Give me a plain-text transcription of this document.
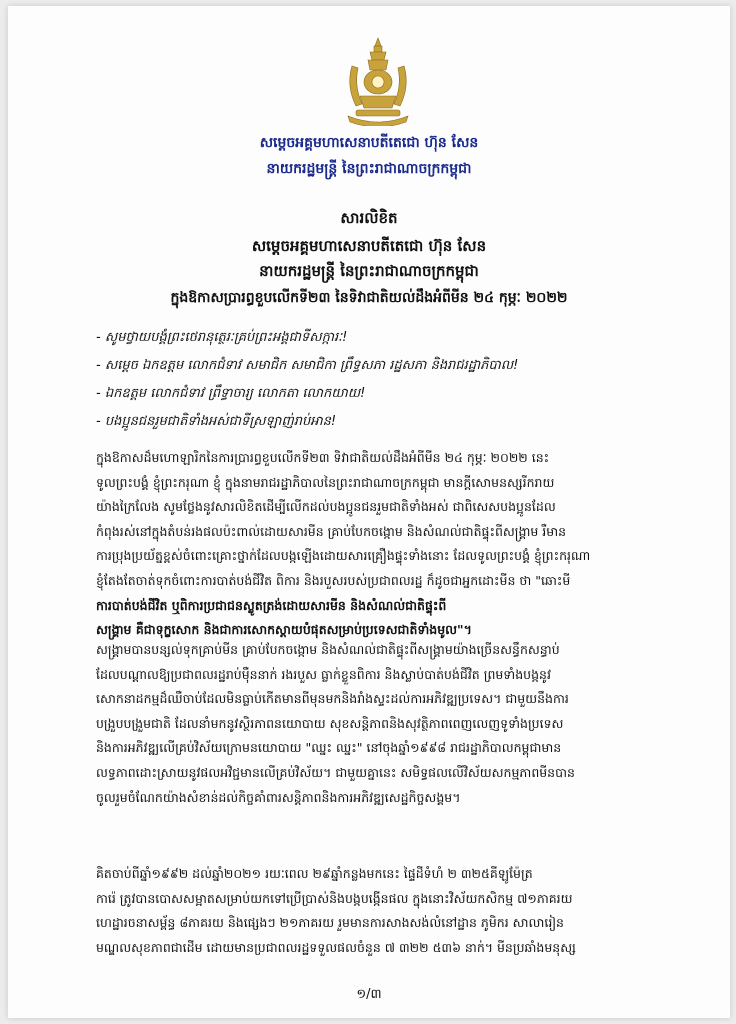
សម្ដេចអគ្គមហាសេនាបតីតេជោ ហ៊ុន សែន
នាយករដ្ឋមន្ត្រី នៃព្រះរាជាណាចក្រកម្ពុជា
សារលិខិត
សម្ដេចអគ្គមហាសេនាបតីតេជោ ហ៊ុន សែន
នាយករដ្ឋមន្ត្រី នៃព្រះរាជាណាចក្រកម្ពុជា
ក្នុងឱកាសប្រារព្ធខួបលើកទី២៣ នៃទិវាជាតិយល់ដឹងអំពីមីន ២៤ កុម្ភៈ ២០២២
- សូមថ្វាយបង្គំព្រះថេរានុត្ថេរៈគ្រប់ព្រះអង្គជាទីសក្ការៈ!
- សម្ដេច ឯកឧត្ដម លោកជំទាវ សមាជិក សមាជិកា ព្រឹទ្ធសភា រដ្ឋសភា និងរាជរដ្ឋាភិបាល!
- ឯកឧត្ដម លោកជំទាវ ព្រឹទ្ធាចារ្យ លោកតា លោកយាយ!
- បងប្អូនជនរួមជាតិទាំងអស់ជាទីស្រឡាញ់រាប់អាន!
ក្នុងឱកាសដ៏មហោឡារិកនៃការប្រារព្ធខួបលើកទី២៣ ទិវាជាតិយល់ដឹងអំពីមីន ២៤ កុម្ភៈ ២០២២ នេះ
ទូលព្រះបង្គំ ខ្ញុំព្រះករុណា ខ្ញុំ ក្នុងនាមរាជរដ្ឋាភិបាលនៃព្រះរាជាណាចក្រកម្ពុជា មានក្ដីសោមនស្សរីករាយ
យ៉ាងក្រៃលែង សូមថ្លែងនូវសារលិខិតដើម្បីលើកដល់បងប្អូនជនរួមជាតិទាំងអស់ ជាពិសេសបងប្អូនដែល
កំពុងរស់នៅក្នុងតំបន់រងផលប៉ះពាល់ដោយសារមីន គ្រាប់បែកចង្កោម និងសំណល់ជាតិផ្ទុះពីសង្គ្រាម រឺមាន
ការប្រុងប្រយ័ត្នខ្ពស់ចំពោះគ្រោះថ្នាក់ដែលបង្កឡើងដោយសារគ្រឿងផ្ទុះទាំងនោះ ដែលទូលព្រះបង្គំ ខ្ញុំព្រះករុណា
ខ្ញុំតែងតែចាត់ទុកចំពោះការបាត់បង់ជីវិត ពិការ និងរបួសរបស់ប្រជាពលរដ្ឋ ក៏ដូចជាអ្នកដោះមីន ថា "ឆោះមី
ការបាត់បង់ជីវិត ឬពិការប្រជាជនស្លូតត្រង់ដោយសារមីន និងសំណល់ជាតិផ្ទុះពី
សង្គ្រាម គឺជាទុក្ខសោក និងជាការសោកស្ដាយបំផុតសម្រាប់ប្រទេសជាតិទាំងមូល"។
សង្គ្រាមបានបន្សល់ទុកគ្រាប់មីន គ្រាប់បែកចង្កោម និងសំណល់ជាតិផ្ទុះពីសង្គ្រាមយ៉ាងច្រើនសន្ធឹកសន្ធាប់
ដែលបណ្ដាលឱ្យប្រជាពលរដ្ឋរាប់ម៉ឺននាក់ រងរបួស ធ្លាក់ខ្លួនពិការ និងស្លាប់បាត់បង់ជីវិត ព្រមទាំងបង្កនូវ
សោកនាដកម្មដ៏ឈឺចាប់ដែលមិនធ្លាប់កើតមានពីមុនមកនិងរាំងស្ទះដល់ការអភិវឌ្ឍប្រទេស។ ជាមួយនឹងការ
បង្រួបបង្រួមជាតិ ដែលនាំមកនូវស្ថិរភាពនយោបាយ សុខសន្ដិភាពនិងសុវត្ថិភាពពេញលេញទូទាំងប្រទេស
និងការអភិវឌ្ឍលើគ្រប់វិស័យក្រោមនយោបាយ "ឈ្នះ ឈ្នះ" នៅចុងឆ្នាំ១៩៩៨ រាជរដ្ឋាភិបាលកម្ពុជាមាន
លទ្ធភាពដោះស្រាយនូវផលអវិជ្ជមានលើគ្រប់វិស័យ។ ជាមួយគ្នានេះ សមិទ្ធផលលើវិស័យសកម្មភាពមីនបាន
ចូលរួមចំណែកយ៉ាងសំខាន់ដល់កិច្ចគាំពារសន្ដិភាពនិងការអភិវឌ្ឍសេដ្ឋកិច្ចសង្គម។
គិតចាប់ពីឆ្នាំ១៩៩២ ដល់ឆ្នាំ២០២១ រយៈពេល ២៩ឆ្នាំកន្លងមកនេះ ផ្ទៃដីទំហំ ២ ៣២៥គីឡូម៉ែត្រ
ការ៉េ ត្រូវបានបោសសម្អាតសម្រាប់យកទៅប្រើប្រាស់និងបង្កបង្កើនផល ក្នុងនោះវិស័យកសិកម្ម ៧១ភាគរយ
ហេដ្ឋារចនាសម្ព័ន្ធ ៨ភាគរយ និងផ្សេងៗ ២១ភាគរយ រួមមានការសាងសង់លំនៅដ្ឋាន ភូមិករ សាលារៀន
មណ្ឌលសុខភាពជាដើម ដោយមានប្រជាពលរដ្ឋទទួលផលចំនួន ៧ ៣២២ ៥៣៦ នាក់។ មីនប្រឆាំងមនុស្ស
១/៣
